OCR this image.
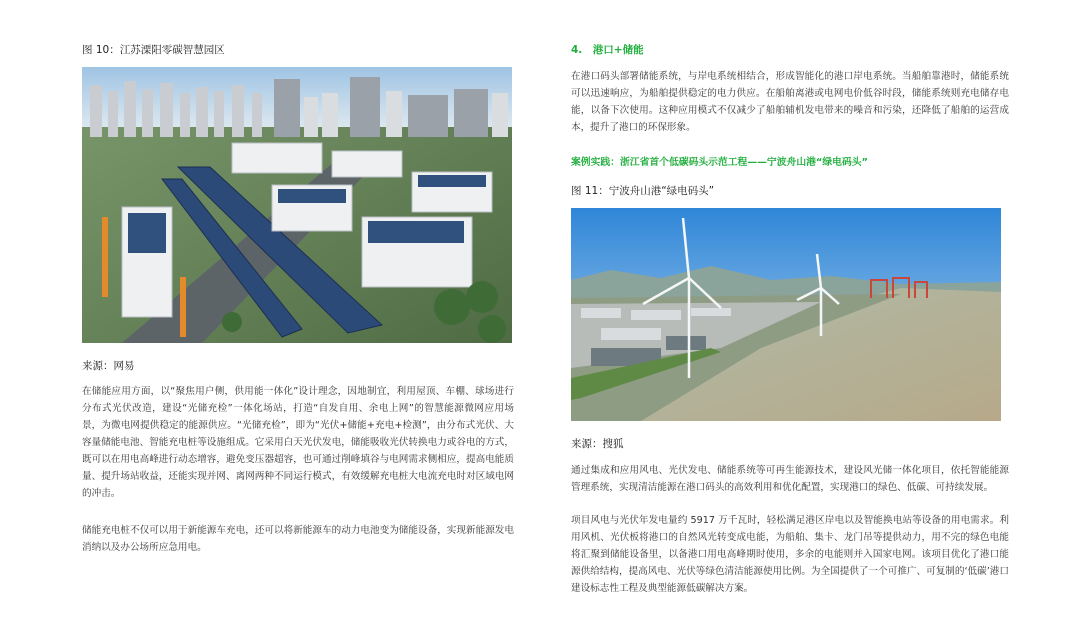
图 10：江苏溧阳零碳智慧园区
来源：网易
在储能应用方面，以“聚焦用户侧，供用能一体化”设计理念，因地制宜，利用屋顶、车棚、球场进行分布式光伏改造，建设“光储充检”一体化场站，打造“自发自用、余电上网”的智慧能源微网应用场景，为微电网提供稳定的能源供应。“光储充检”，即为“光伏+储能+充电+检测”，由分布式光伏、大容量储能电池、智能充电桩等设施组成。它采用白天光伏发电，储能吸收光伏转换电力或谷电的方式，既可以在用电高峰进行动态增容，避免变压器超容，也可通过削峰填谷与电网需求侧相应，提高电能质量、提升场站收益，还能实现并网、离网两种不同运行模式，有效缓解充电桩大电流充电时对区域电网的冲击。
储能充电桩不仅可以用于新能源车充电，还可以将新能源车的动力电池变为储能设备，实现新能源发电消纳以及办公场所应急用电。
4.　港口+储能
在港口码头部署储能系统，与岸电系统相结合，形成智能化的港口岸电系统。当船舶靠港时，储能系统可以迅速响应，为船舶提供稳定的电力供应。在船舶离港或电网电价低谷时段，储能系统则充电储存电能，以备下次使用。这种应用模式不仅减少了船舶辅机发电带来的噪音和污染，还降低了船舶的运营成本，提升了港口的环保形象。
案例实践：浙江省首个低碳码头示范工程——宁波舟山港“绿电码头”
图 11：宁波舟山港“绿电码头”
来源：搜狐
通过集成和应用风电、光伏发电、储能系统等可再生能源技术，建设风光储一体化项目，依托智能能源管理系统，实现清洁能源在港口码头的高效利用和优化配置，实现港口的绿色、低碳、可持续发展。
项目风电与光伏年发电量约 5917 万千瓦时，轻松满足港区岸电以及智能换电站等设备的用电需求。利用风机、光伏板将港口的自然风光转变成电能，为船舶、集卡、龙门吊等提供动力，用不完的绿色电能将汇聚到储能设备里，以备港口用电高峰期时使用，多余的电能则并入国家电网。该项目优化了港口能源供给结构，提高风电、光伏等绿色清洁能源使用比例。为全国提供了一个可推广、可复制的‘低碳’港口建设标志性工程及典型能源低碳解决方案。
